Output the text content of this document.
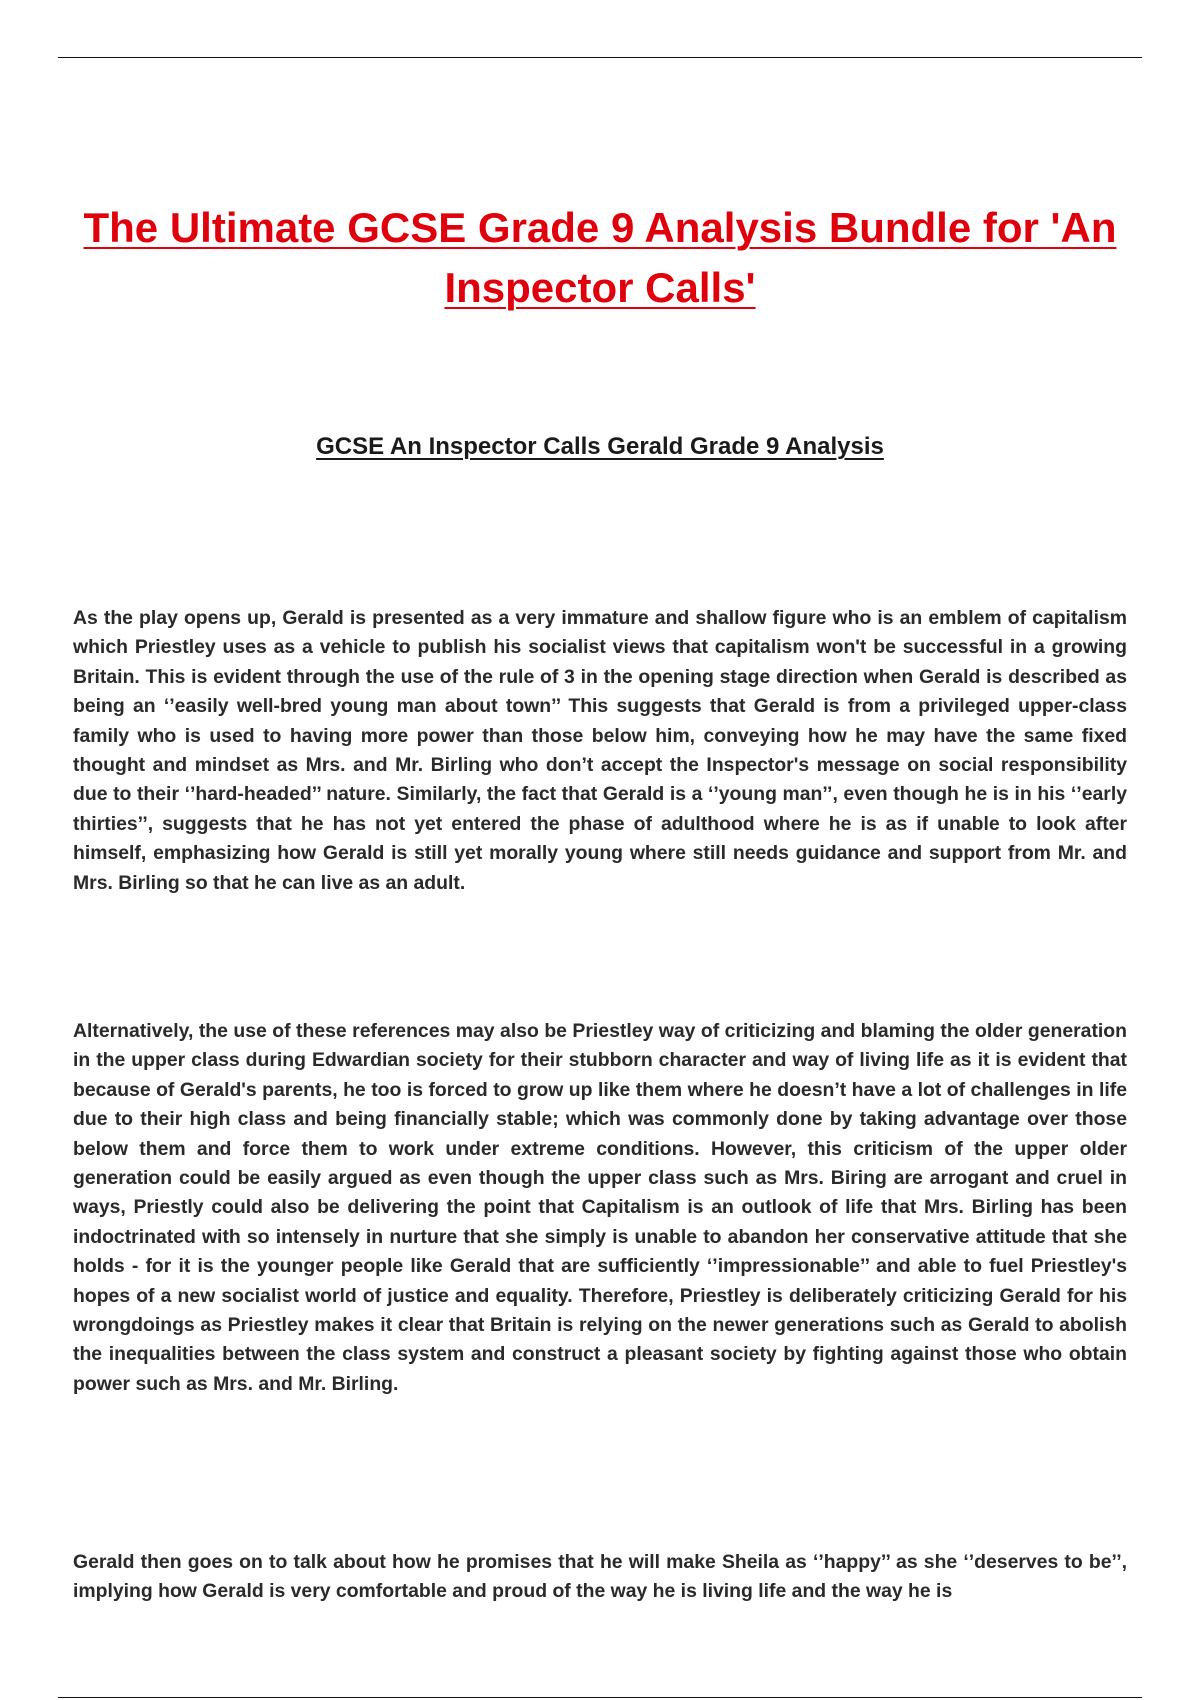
The Ultimate GCSE Grade 9 Analysis Bundle for 'An Inspector Calls'
GCSE An Inspector Calls Gerald Grade 9 Analysis

As the play opens up, Gerald is presented as a very immature and shallow figure who is an emblem of capitalism which Priestley uses as a vehicle to publish his socialist views that capitalism won't be successful in a growing Britain. This is evident through the use of the rule of 3 in the opening stage direction when Gerald is described as being an ‘’easily well-bred young man about town’’ This suggests that Gerald is from a privileged upper-class family who is used to having more power than those below him, conveying how he may have the same fixed thought and mindset as Mrs. and Mr. Birling who don’t accept the Inspector's message on social responsibility due to their ‘’hard-headed’’ nature. Similarly, the fact that Gerald is a ‘’young man’’, even though he is in his ‘’early thirties’’, suggests that he has not yet entered the phase of adulthood where he is as if unable to look after himself, emphasizing how Gerald is still yet morally young where still needs guidance and support from Mr. and Mrs. Birling so that he can live as an adult.

Alternatively, the use of these references may also be Priestley way of criticizing and blaming the older generation in the upper class during Edwardian society for their stubborn character and way of living life as it is evident that because of Gerald's parents, he too is forced to grow up like them where he doesn’t have a lot of challenges in life due to their high class and being financially stable; which was commonly done by taking advantage over those below them and force them to work under extreme conditions. However, this criticism of the upper older generation could be easily argued as even though the upper class such as Mrs. Biring are arrogant and cruel in ways, Priestly could also be delivering the point that Capitalism is an outlook of life that Mrs. Birling has been indoctrinated with so intensely in nurture that she simply is unable to abandon her conservative attitude that she holds - for it is the younger people like Gerald that are sufficiently ‘’impressionable’’ and able to fuel Priestley's hopes of a new socialist world of justice and equality. Therefore, Priestley is deliberately criticizing Gerald for his wrongdoings as Priestley makes it clear that Britain is relying on the newer generations such as Gerald to abolish the inequalities between the class system and construct a pleasant society by fighting against those who obtain power such as Mrs. and Mr. Birling.

Gerald then goes on to talk about how he promises that he will make Sheila as ‘’happy’’ as she ‘’deserves to be’’, implying how Gerald is very comfortable and proud of the way he is living life and the way he is
